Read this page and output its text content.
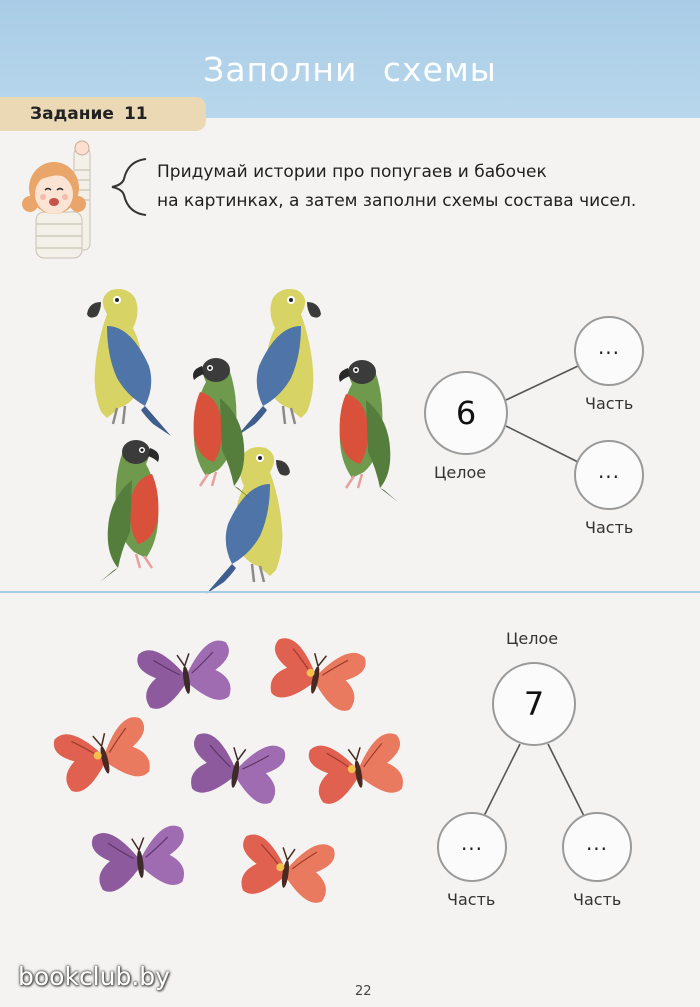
Заполни схемы
Задание 11
Придумай истории про попугаев и бабочек
на картинках, а затем заполни схемы состава чисел.
6
Целое
...
Часть
...
Часть
Целое
7
...
Часть
...
Часть
bookclub.by
22
